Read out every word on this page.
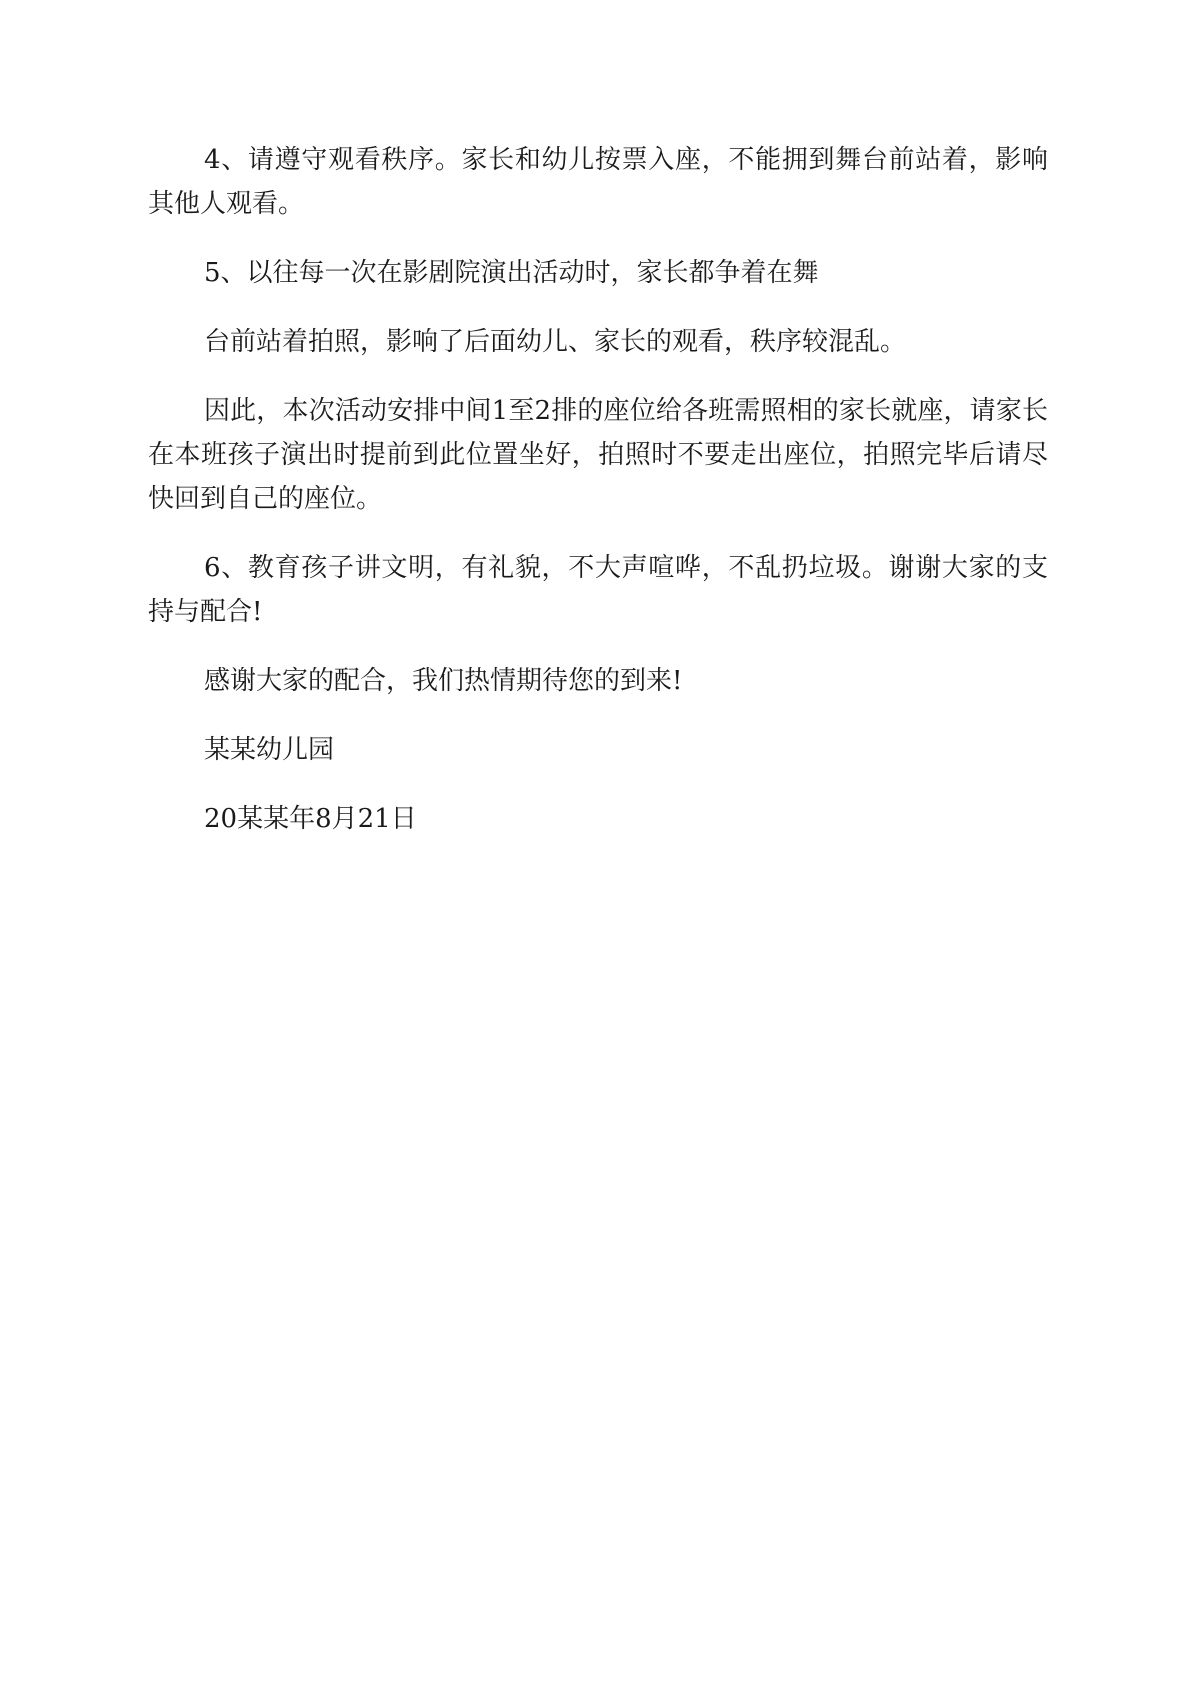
4、请遵守观看秩序。家长和幼儿按票入座，不能拥到舞台前站着，影响其他人观看。

5、以往每一次在影剧院演出活动时，家长都争着在舞

台前站着拍照，影响了后面幼儿、家长的观看，秩序较混乱。

因此，本次活动安排中间1至2排的座位给各班需照相的家长就座，请家长在本班孩子演出时提前到此位置坐好，拍照时不要走出座位，拍照完毕后请尽快回到自己的座位。

6、教育孩子讲文明，有礼貌，不大声喧哗，不乱扔垃圾。谢谢大家的支持与配合!

感谢大家的配合，我们热情期待您的到来!

某某幼儿园

20某某年8月21日
